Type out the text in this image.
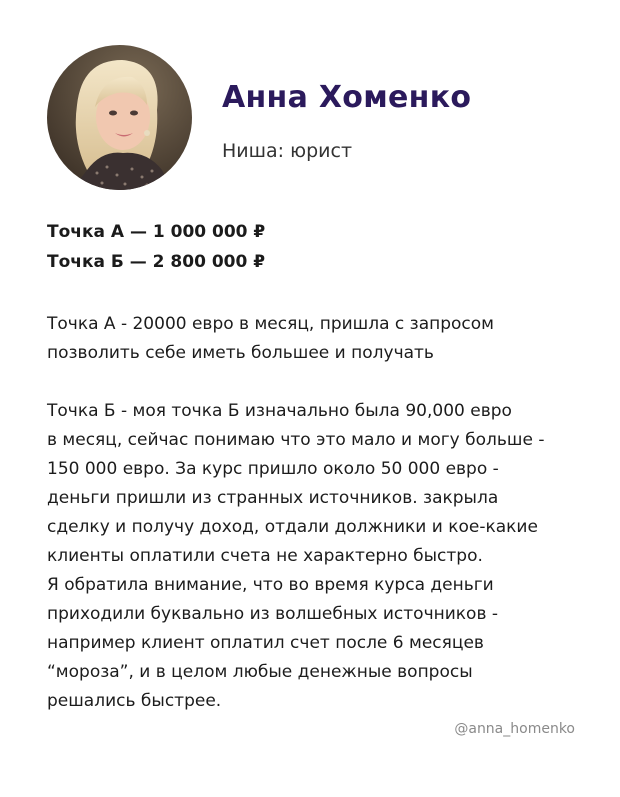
Анна Хоменко
Ниша: юрист
Точка А — 1 000 000 ₽
Точка Б — 2 800 000 ₽

Точка А - 20000 евро в месяц, пришла с запросом
позволить себе иметь большее и получать

Точка Б - моя точка Б изначально была 90,000 евро
в месяц, сейчас понимаю что это мало и могу больше -
150 000 евро. За курс пришло около 50 000 евро -
деньги пришли из странных источников. закрыла
сделку и получу доход, отдали должники и кое-какие
клиенты оплатили счета не характерно быстро.
Я обратила внимание, что во время курса деньги
приходили буквально из волшебных источников -
например клиент оплатил счет после 6 месяцев
“мороза”, и в целом любые денежные вопросы
решались быстрее.

@anna_homenko
